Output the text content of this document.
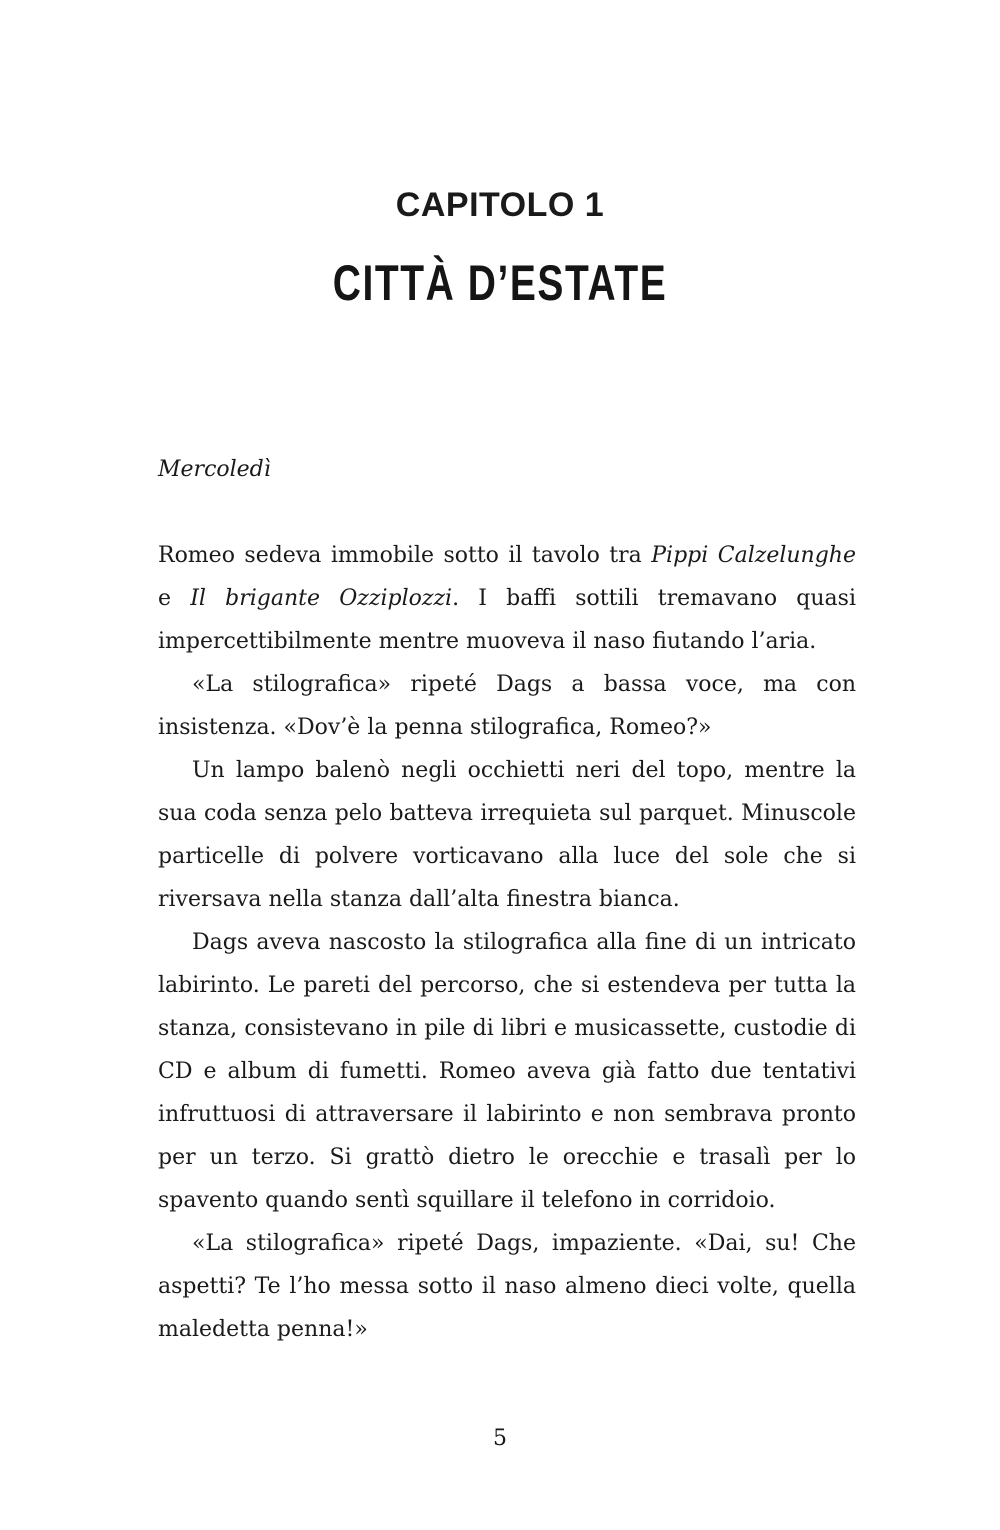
CAPITOLO 1
CITTÀ D’ESTATE

Mercoledì

Romeo sedeva immobile sotto il tavolo tra Pippi Calzelunghe e Il brigante Ozziplozzi. I baffi sottili tremavano quasi impercettibilmente mentre muoveva il naso fiutando l’aria.

«La stilografica» ripeté Dags a bassa voce, ma con insistenza. «Dov’è la penna stilografica, Romeo?»

Un lampo balenò negli occhietti neri del topo, mentre la sua coda senza pelo batteva irrequieta sul parquet. Minuscole particelle di polvere vorticavano alla luce del sole che si riversava nella stanza dall’alta finestra bianca.

Dags aveva nascosto la stilografica alla fine di un intricato labirinto. Le pareti del percorso, che si estendeva per tutta la stanza, consistevano in pile di libri e musicassette, custodie di CD e album di fumetti. Romeo aveva già fatto due tentativi infruttuosi di attraversare il labirinto e non sembrava pronto per un terzo. Si grattò dietro le orecchie e trasalì per lo spavento quando sentì squillare il telefono in corridoio.

«La stilografica» ripeté Dags, impaziente. «Dai, su! Che aspetti? Te l’ho messa sotto il naso almeno dieci volte, quella maledetta penna!»

5
